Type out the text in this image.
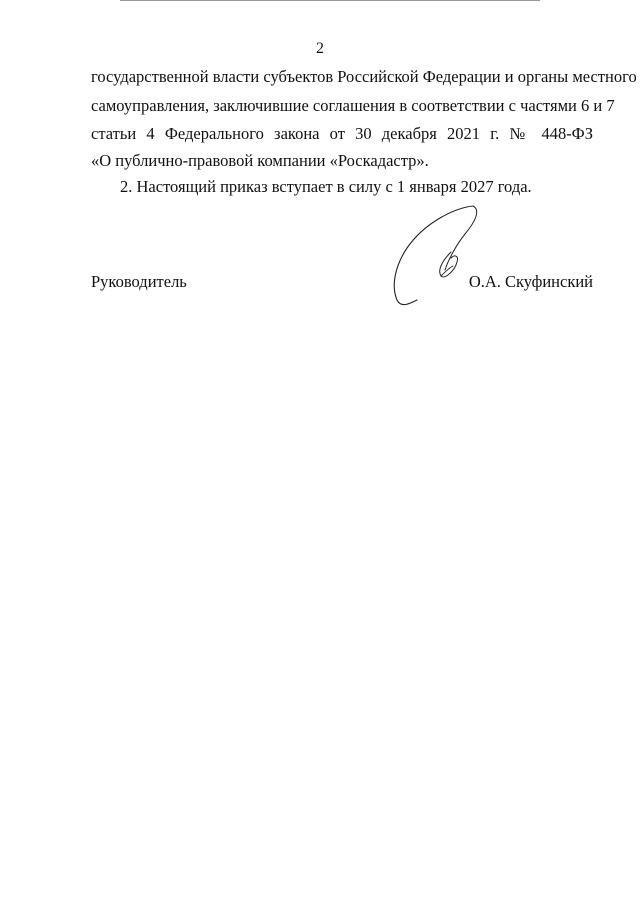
2
государственной власти субъектов Российской Федерации и органы местного
самоуправления, заключившие соглашения в соответствии с частями 6 и 7
статьи 4 Федерального закона от 30 декабря 2021 г. № 448-ФЗ
«О публично-правовой компании «Роскадастр».
2. Настоящий приказ вступает в силу с 1 января 2027 года.
Руководитель	О.А. Скуфинский
